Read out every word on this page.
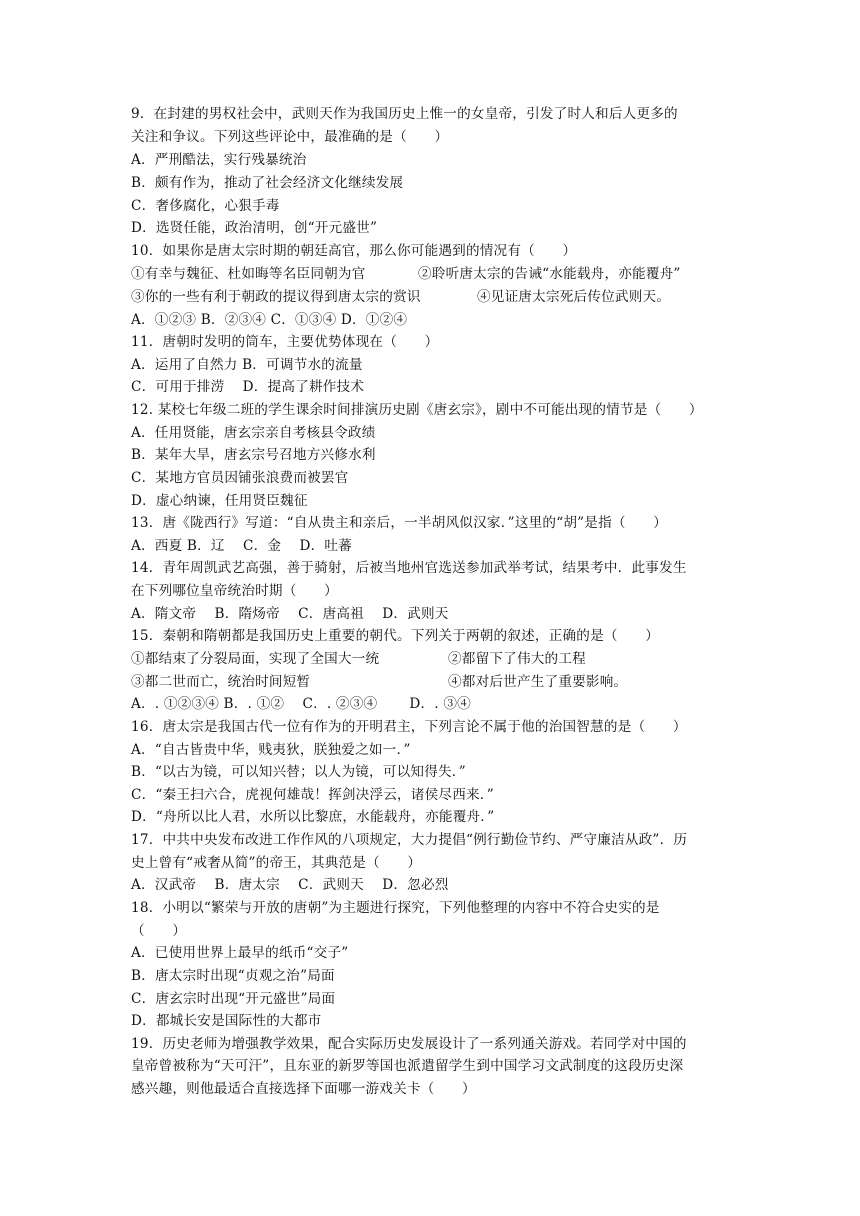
9．在封建的男权社会中，武则天作为我国历史上惟一的女皇帝，引发了时人和后人更多的
关注和争议。下列这些评论中，最准确的是（　　）
A．严刑酷法，实行残暴统治
B．颇有作为，推动了社会经济文化继续发展
C．奢侈腐化，心狠手毒
D．选贤任能，政治清明，创“开元盛世”
10．如果你是唐太宗时期的朝廷高官，那么你可能遇到的情况有（　　）
①有幸与魏征、杜如晦等名臣同朝为官	②聆听唐太宗的告诫“水能载舟，亦能覆舟”
③你的一些有利于朝政的提议得到唐太宗的赏识	④见证唐太宗死后传位武则天。
A．①②③ B．②③④ C．①③④ D．①②④
11．唐朝时发明的筒车，主要优势体现在（　　）
A．运用了自然力 B．可调节水的流量
C．可用于排涝　 D．提高了耕作技术
12. 某校七年级二班的学生课余时间排演历史剧《唐玄宗》，剧中不可能出现的情节是（　　）
A．任用贤能，唐玄宗亲自考核县令政绩
B．某年大旱，唐玄宗号召地方兴修水利
C．某地方官员因铺张浪费而被罢官
D．虚心纳谏，任用贤臣魏征
13．唐《陇西行》写道：“自从贵主和亲后，一半胡风似汉家．”这里的“胡”是指（　　）
A．西夏 B．辽　 C．金　 D．吐蕃
14．青年周凯武艺高强，善于骑射，后被当地州官选送参加武举考试，结果考中．此事发生
在下列哪位皇帝统治时期（　　）
A．隋文帝　 B．隋炀帝　 C．唐高祖　 D．武则天
15．秦朝和隋朝都是我国历史上重要的朝代。下列关于两朝的叙述，正确的是（　　）
①都结束了分裂局面，实现了全国大一统	②都留下了伟大的工程
③都二世而亡，统治时间短暂	④都对后世产生了重要影响。
A．. ①②③④ B．. ①②　 C．. ②③④　　 D．. ③④
16．唐太宗是我国古代一位有作为的开明君主，下列言论不属于他的治国智慧的是（　　）
A．“自古皆贵中华，贱夷狄，朕独爱之如一．”
B．“以古为镜，可以知兴替；以人为镜，可以知得失．”
C．“秦王扫六合，虎视何雄哉！挥剑决浮云，诸侯尽西来．”
D．“舟所以比人君，水所以比黎庶，水能载舟，亦能覆舟．”
17．中共中央发布改进工作作风的八项规定，大力提倡“例行勤俭节约、严守廉洁从政”．历
史上曾有“戒奢从简”的帝王，其典范是（　　）
A．汉武帝　 B．唐太宗　 C．武则天　 D．忽必烈
18．小明以“繁荣与开放的唐朝”为主题进行探究，下列他整理的内容中不符合史实的是
（　　）
A．已使用世界上最早的纸币“交子”
B．唐太宗时出现“贞观之治”局面
C．唐玄宗时出现“开元盛世”局面
D．都城长安是国际性的大都市
19．历史老师为增强教学效果，配合实际历史发展设计了一系列通关游戏。若同学对中国的
皇帝曾被称为“天可汗”，且东亚的新罗等国也派遣留学生到中国学习文武制度的这段历史深
感兴趣，则他最适合直接选择下面哪一游戏关卡（　　）
